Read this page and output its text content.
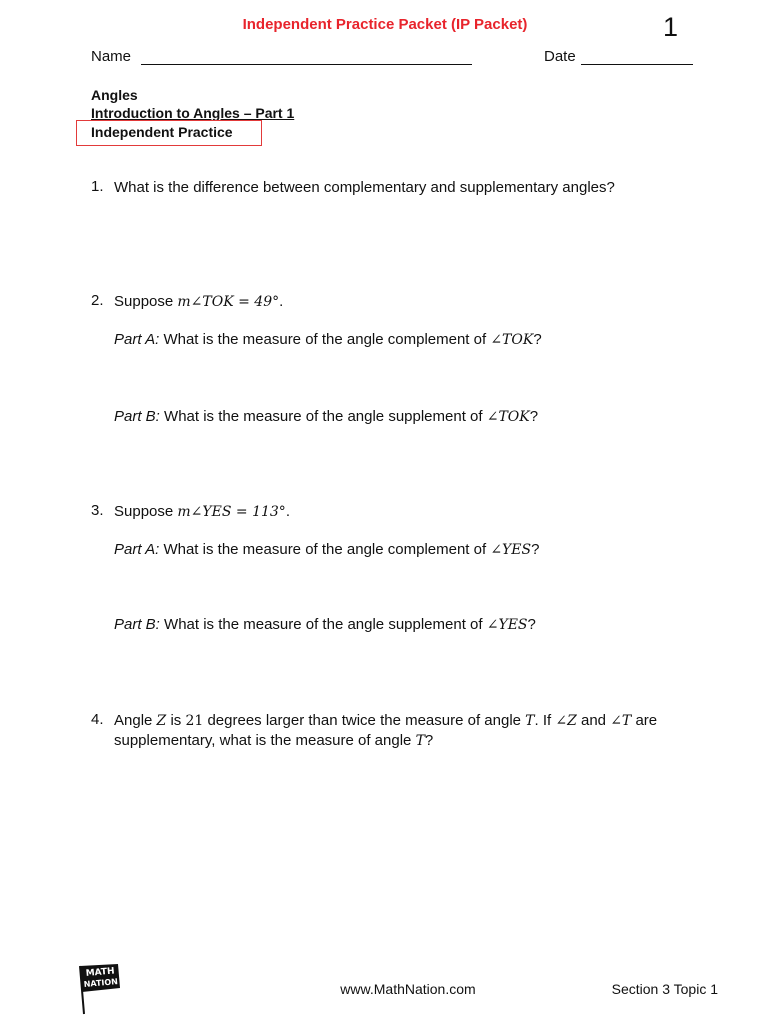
Independent Practice Packet (IP Packet)	1
Name	Date
Angles
Introduction to Angles – Part 1
Independent Practice
1. What is the difference between complementary and supplementary angles?
2. Suppose m∠TOK = 49°.
Part A: What is the measure of the angle complement of ∠TOK?
Part B: What is the measure of the angle supplement of ∠TOK?
3. Suppose m∠YES = 113°.
Part A: What is the measure of the angle complement of ∠YES?
Part B: What is the measure of the angle supplement of ∠YES?
4. Angle Z is 21 degrees larger than twice the measure of angle T. If ∠Z and ∠T are
supplementary, what is the measure of angle T?
MATH
NATION	www.MathNation.com	Section 3 Topic 1
